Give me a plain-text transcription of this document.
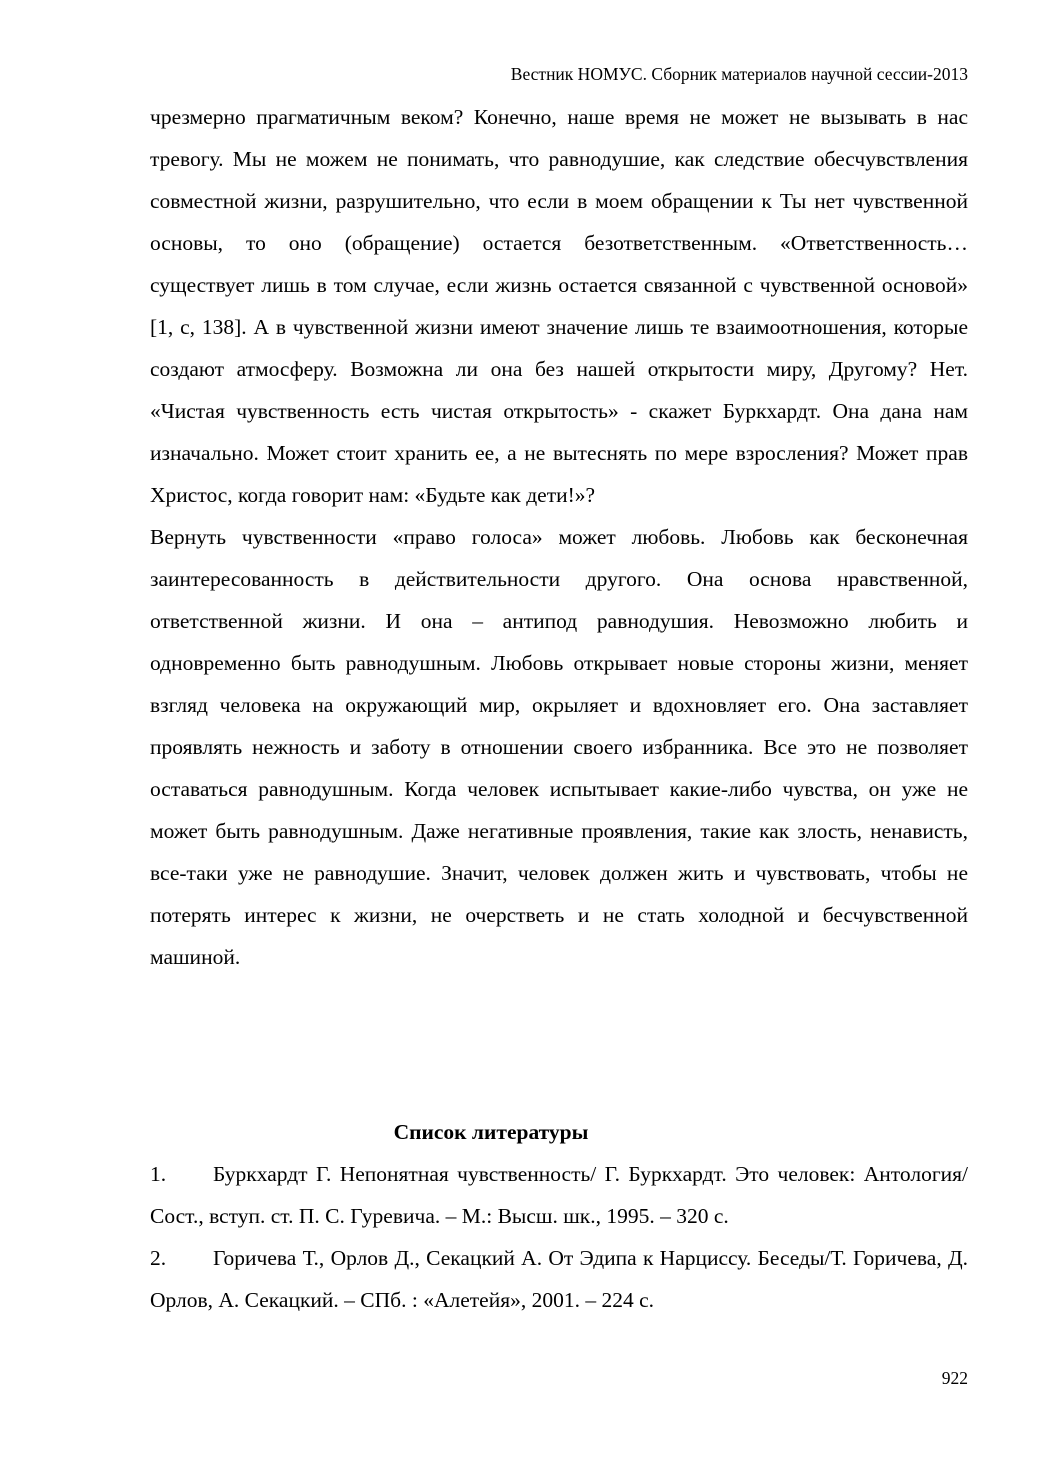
Вестник НОМУС. Сборник материалов научной сессии-2013

чрезмерно прагматичным веком? Конечно, наше время не может не вызывать в нас тревогу. Мы не можем не понимать, что равнодушие, как следствие обесчувствления совместной жизни, разрушительно, что если в моем обращении к Ты нет чувственной основы, то оно (обращение) остается безответственным. «Ответственность… существует лишь в том случае, если жизнь остается связанной с чувственной основой» [1, с, 138]. А в чувственной жизни имеют значение лишь те взаимоотношения, которые создают атмосферу. Возможна ли она без нашей открытости миру, Другому? Нет. «Чистая чувственность есть чистая открытость» - скажет Буркхардт. Она дана нам изначально. Может стоит хранить ее, а не вытеснять по мере взросления? Может прав Христос, когда говорит нам: «Будьте как дети!»?

Вернуть чувственности «право голоса» может любовь. Любовь как бесконечная заинтересованность в действительности другого. Она основа нравственной, ответственной жизни. И она – антипод равнодушия. Невозможно любить и одновременно быть равнодушным. Любовь открывает новые стороны жизни, меняет взгляд человека на окружающий мир, окрыляет и вдохновляет его. Она заставляет проявлять нежность и заботу в отношении своего избранника. Все это не позволяет оставаться равнодушным. Когда человек испытывает какие-либо чувства, он уже не может быть равнодушным. Даже негативные проявления, такие как злость, ненависть, все-таки уже не равнодушие. Значит, человек должен жить и чувствовать, чтобы не потерять интерес к жизни, не очерстветь и не стать холодной и бесчувственной машиной.

Список литературы

1. Буркхардт Г. Непонятная чувственность/ Г. Буркхардт. Это человек: Антология/ Сост., вступ. ст. П. С. Гуревича. – М.: Высш. шк., 1995. – 320 с.

2. Горичева Т., Орлов Д., Секацкий А. От Эдипа к Нарциссу. Беседы/Т. Горичева, Д. Орлов, А. Секацкий. – СПб. : «Алетейя», 2001. – 224 с.

922
